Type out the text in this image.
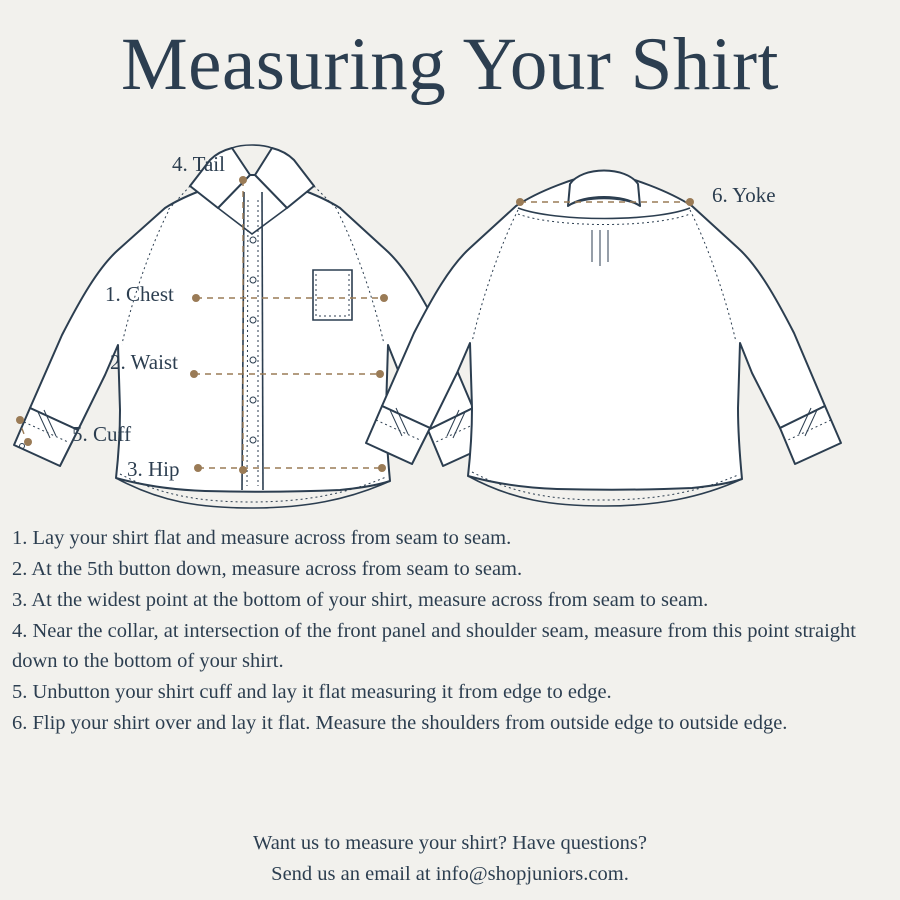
Measuring Your Shirt
4. Tail
1. Chest
2. Waist
5. Cuff
3. Hip
6. Yoke

1. Lay your shirt flat and measure across from seam to seam.

2. At the 5th button down, measure across from seam to seam.

3. At the widest point at the bottom of your shirt, measure across from seam to seam.

4. Near the collar, at intersection of the front panel and shoulder seam, measure from this point straight down to the bottom of your shirt.

5. Unbutton your shirt cuff and lay it flat measuring it from edge to edge.

6. Flip your shirt over and lay it flat. Measure the shoulders from outside edge to outside edge.

Want us to measure your shirt? Have questions?
Send us an email at info@shopjuniors.com.
